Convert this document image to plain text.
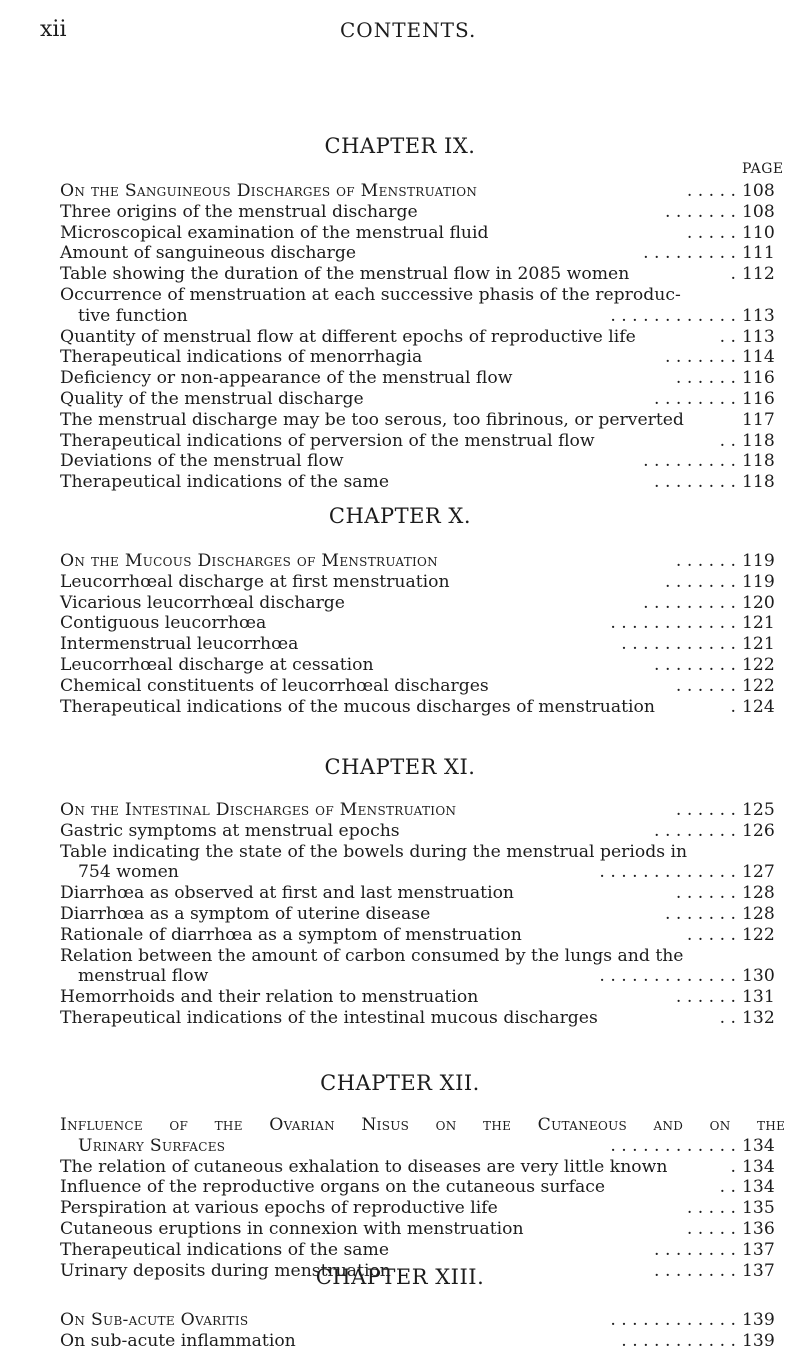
xii	CONTENTS.
PAGE
CHAPTER IX.
On the Sanguineous Discharges of Menstruation	. . . . . 108
Three origins of the menstrual discharge	. . . . . . . 108
Microscopical examination of the menstrual fluid	. . . . . 110
Amount of sanguineous discharge	. . . . . . . . . 111
Table showing the duration of the menstrual flow in 2085 women	. 112
Occurrence of menstruation at each successive phasis of the reproduc-
tive function	. . . . . . . . . . . . 113
Quantity of menstrual flow at different epochs of reproductive life	. . 113
Therapeutical indications of menorrhagia	. . . . . . . 114
Deficiency or non-appearance of the menstrual flow	. . . . . . 116
Quality of the menstrual discharge	. . . . . . . . 116
The menstrual discharge may be too serous, too fibrinous, or perverted	117
Therapeutical indications of perversion of the menstrual flow	. . 118
Deviations of the menstrual flow	. . . . . . . . . 118
Therapeutical indications of the same	. . . . . . . . 118
CHAPTER X.
On the Mucous Discharges of Menstruation	. . . . . . 119
Leucorrhœal discharge at first menstruation	. . . . . . . 119
Vicarious leucorrhœal discharge	. . . . . . . . . 120
Contiguous leucorrhœa	. . . . . . . . . . . . 121
Intermenstrual leucorrhœa	. . . . . . . . . . . 121
Leucorrhœal discharge at cessation	. . . . . . . . 122
Chemical constituents of leucorrhœal discharges	. . . . . . 122
Therapeutical indications of the mucous discharges of menstruation	. 124
CHAPTER XI.
On the Intestinal Discharges of Menstruation	. . . . . . 125
Gastric symptoms at menstrual epochs	. . . . . . . . 126
Table indicating the state of the bowels during the menstrual periods in
754 women	. . . . . . . . . . . . . 127
Diarrhœa as observed at first and last menstruation	. . . . . . 128
Diarrhœa as a symptom of uterine disease	. . . . . . . 128
Rationale of diarrhœa as a symptom of menstruation	. . . . . 122
Relation between the amount of carbon consumed by the lungs and the
menstrual flow	. . . . . . . . . . . . . 130
Hemorrhoids and their relation to menstruation	. . . . . . 131
Therapeutical indications of the intestinal mucous discharges	. . 132
CHAPTER XII.
Influence of the Ovarian Nisus on the Cutaneous and on the
Urinary Surfaces	. . . . . . . . . . . . 134
The relation of cutaneous exhalation to diseases are very little known	. 134
Influence of the reproductive organs on the cutaneous surface	. . 134
Perspiration at various epochs of reproductive life	. . . . . 135
Cutaneous eruptions in connexion with menstruation	. . . . . 136
Therapeutical indications of the same	. . . . . . . . 137
Urinary deposits during menstruation	. . . . . . . . 137
CHAPTER XIII.
On Sub-acute Ovaritis	. . . . . . . . . . . . 139
On sub-acute inflammation	. . . . . . . . . . . 139
